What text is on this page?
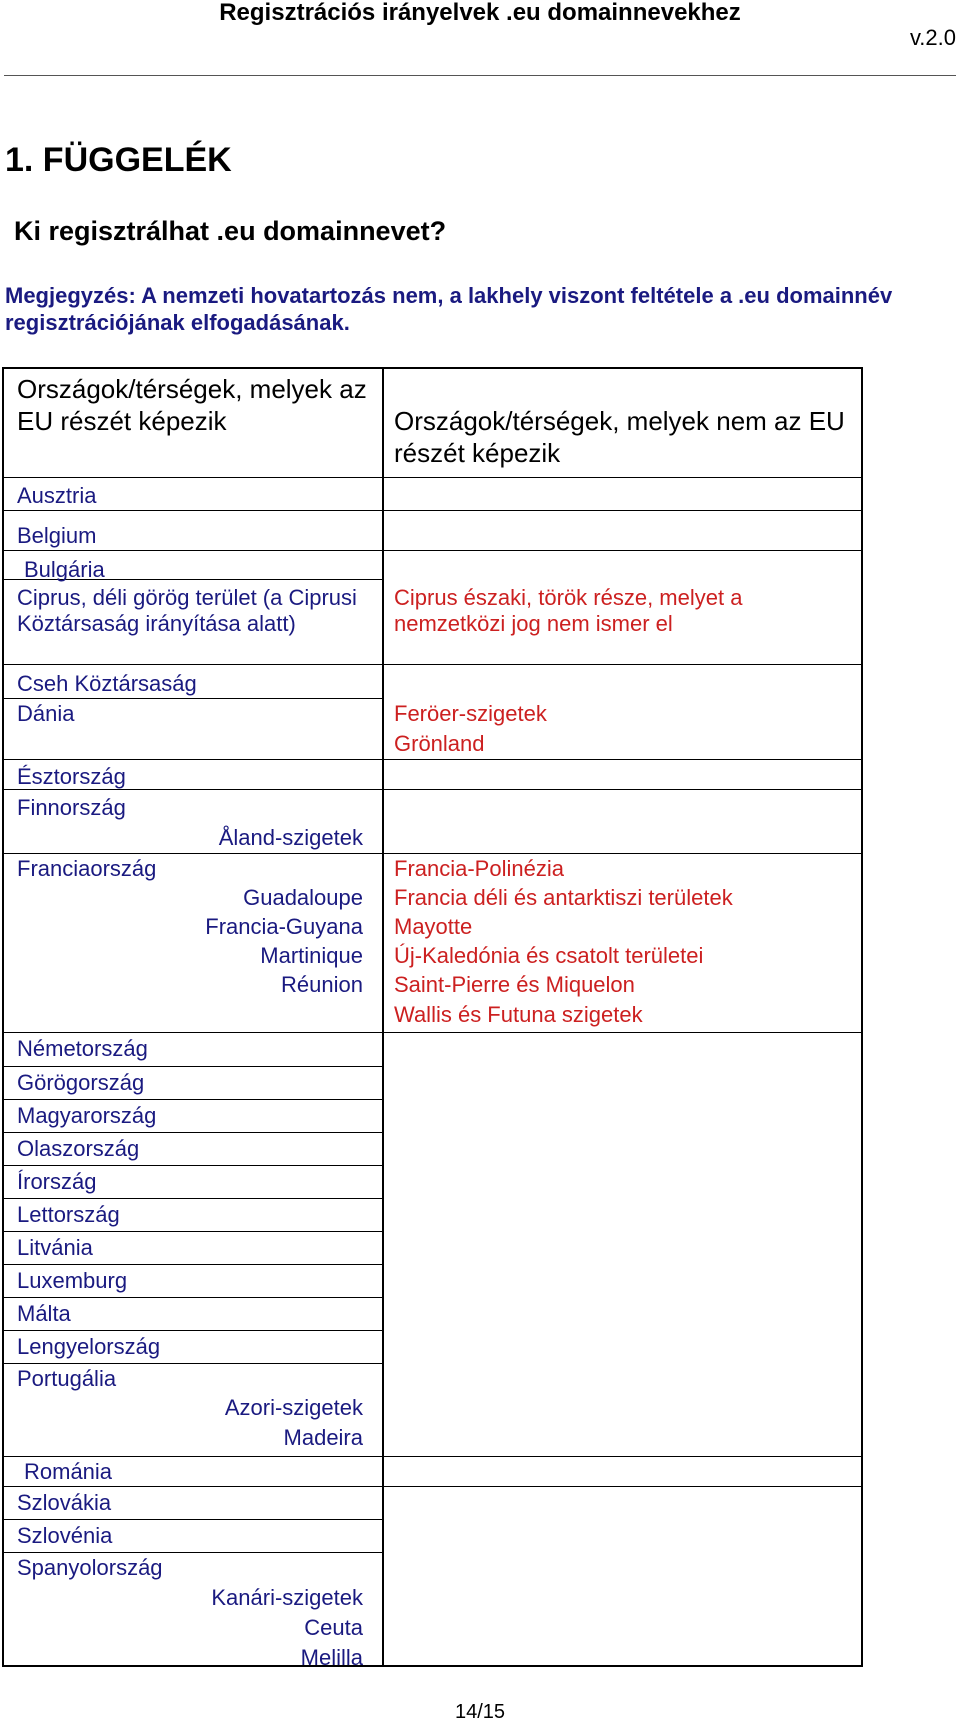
Regisztrációs irányelvek .eu domainnevekhez
v.2.0
1. FÜGGELÉK
Ki regisztrálhat .eu domainnevet?
Megjegyzés: A nemzeti hovatartozás nem, a lakhely viszont feltétele a .eu domainnév regisztrációjának elfogadásának.
Országok/térségek, melyek az EU részét képezik	Országok/térségek, melyek nem az EU részét képezik
Ausztria
Belgium
Bulgária
Ciprus, déli görög terület (a Ciprusi Köztársaság irányítása alatt)
Cseh Köztársaság
Dánia
Észtország
Finnország
Franciaország
Németország
Görögország
Magyarország
Olaszország
Írország
Lettország
Litvánia
Luxemburg
Málta
Lengyelország
Portugália
Románia
Szlovákia
Szlovénia
Spanyolország
Åland-szigetek
Guadaloupe
Francia-Guyana
Martinique
Réunion
Azori-szigetek
Madeira
Kanári-szigetek
Ceuta
Melilla
Ciprus északi, török része, melyet a nemzetközi jog nem ismer el
Feröer-szigetek
Grönland
Francia-Polinézia
Francia déli és antarktiszi területek
Mayotte
Új-Kaledónia és csatolt területei
Saint-Pierre és Miquelon
Wallis és Futuna szigetek
14/15
